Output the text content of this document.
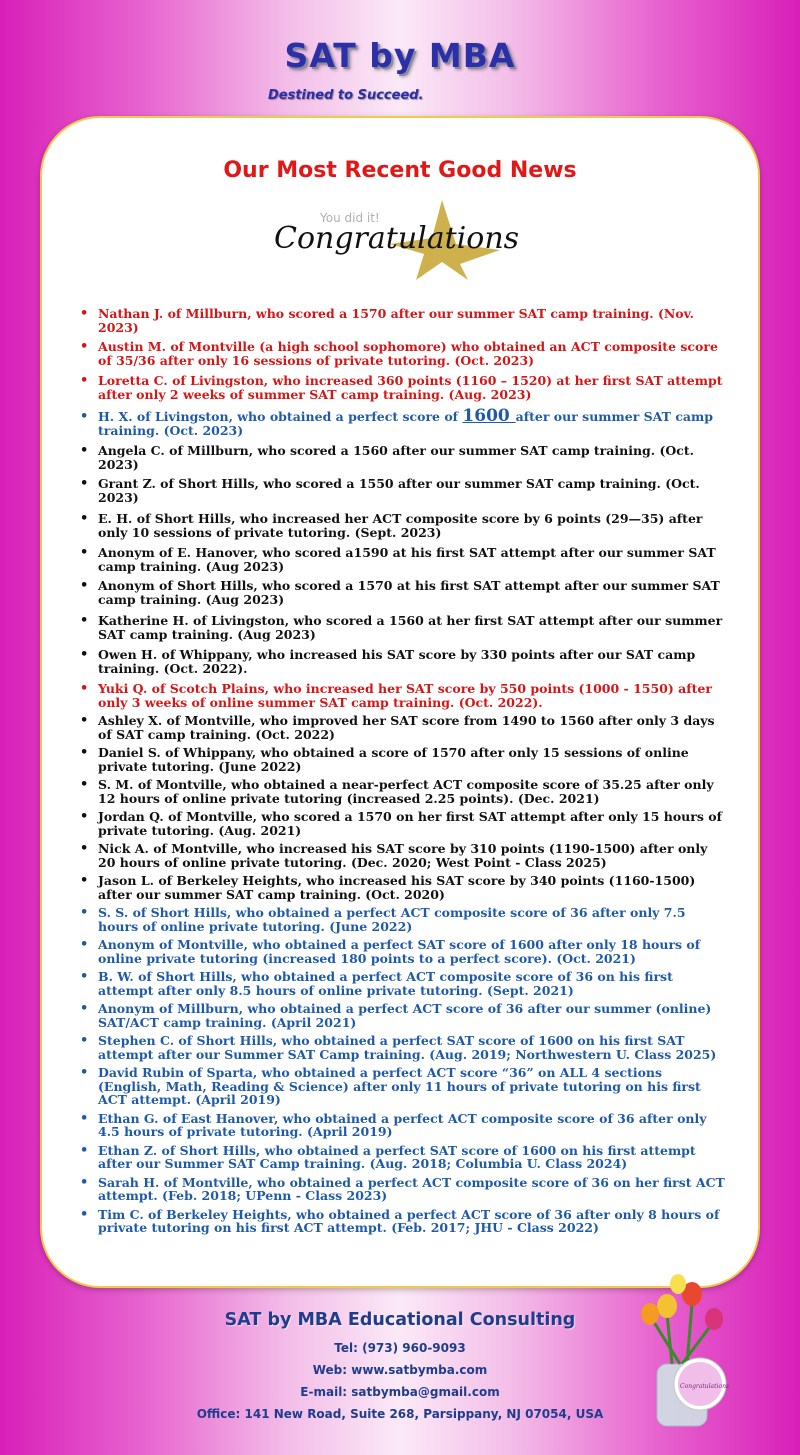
SAT by MBA
Destined to Succeed.
Our Most Recent Good News
You did it!
Congratulations
• Nathan J. of Millburn, who scored a 1570 after our summer SAT camp training. (Nov. 2023)
• Austin M. of Montville (a high school sophomore) who obtained an ACT composite score of 35/36 after only 16 sessions of private tutoring. (Oct. 2023)
• Loretta C. of Livingston, who increased 360 points (1160 – 1520) at her first SAT attempt after only 2 weeks of summer SAT camp training. (Aug. 2023)
• H. X. of Livingston, who obtained a perfect score of 1600 after our summer SAT camp training. (Oct. 2023)
• Angela C. of Millburn, who scored a 1560 after our summer SAT camp training. (Oct. 2023)
• Grant Z. of Short Hills, who scored a 1550 after our summer SAT camp training. (Oct. 2023)
• E. H. of Short Hills, who increased her ACT composite score by 6 points (29—35) after only 10 sessions of private tutoring. (Sept. 2023)
• Anonym of E. Hanover, who scored a1590 at his first SAT attempt after our summer SAT camp training. (Aug 2023)
• Anonym of Short Hills, who scored a 1570 at his first SAT attempt after our summer SAT camp training. (Aug 2023)
• Katherine H. of Livingston, who scored a 1560 at her first SAT attempt after our summer SAT camp training. (Aug 2023)
• Owen H. of Whippany, who increased his SAT score by 330 points after our SAT camp training. (Oct. 2022).
• Yuki Q. of Scotch Plains, who increased her SAT score by 550 points (1000 - 1550) after only 3 weeks of online summer SAT camp training. (Oct. 2022).
• Ashley X. of Montville, who improved her SAT score from 1490 to 1560 after only 3 days of SAT camp training. (Oct. 2022)
• Daniel S. of Whippany, who obtained a score of 1570 after only 15 sessions of online private tutoring. (June 2022)
• S. M. of Montville, who obtained a near-perfect ACT composite score of 35.25 after only 12 hours of online private tutoring (increased 2.25 points). (Dec. 2021)
• Jordan Q. of Montville, who scored a 1570 on her first SAT attempt after only 15 hours of private tutoring. (Aug. 2021)
• Nick A. of Montville, who increased his SAT score by 310 points (1190-1500) after only 20 hours of online private tutoring. (Dec. 2020; West Point - Class 2025)
• Jason L. of Berkeley Heights, who increased his SAT score by 340 points (1160-1500) after our summer SAT camp training. (Oct. 2020)
• S. S. of Short Hills, who obtained a perfect ACT composite score of 36 after only 7.5 hours of online private tutoring. (June 2022)
• Anonym of Montville, who obtained a perfect SAT score of 1600 after only 18 hours of online private tutoring (increased 180 points to a perfect score). (Oct. 2021)
• B. W. of Short Hills, who obtained a perfect ACT composite score of 36 on his first attempt after only 8.5 hours of online private tutoring. (Sept. 2021)
• Anonym of Millburn, who obtained a perfect ACT score of 36 after our summer (online) SAT/ACT camp training. (April 2021)
• Stephen C. of Short Hills, who obtained a perfect SAT score of 1600 on his first SAT attempt after our Summer SAT Camp training. (Aug. 2019; Northwestern U. Class 2025)
• David Rubin of Sparta, who obtained a perfect ACT score “36” on ALL 4 sections (English, Math, Reading & Science) after only 11 hours of private tutoring on his first ACT attempt. (April 2019)
• Ethan G. of East Hanover, who obtained a perfect ACT composite score of 36 after only 4.5 hours of private tutoring. (April 2019)
• Ethan Z. of Short Hills, who obtained a perfect SAT score of 1600 on his first attempt after our Summer SAT Camp training. (Aug. 2018; Columbia U. Class 2024)
• Sarah H. of Montville, who obtained a perfect ACT composite score of 36 on her first ACT attempt. (Feb. 2018; UPenn - Class 2023)
• Tim C. of Berkeley Heights, who obtained a perfect ACT score of 36 after only 8 hours of private tutoring on his first ACT attempt. (Feb. 2017; JHU - Class 2022)
SAT by MBA Educational Consulting
Tel: (973) 960-9093
Web: www.satbymba.com
E-mail: satbymba@gmail.com
Office: 141 New Road, Suite 268, Parsippany, NJ 07054, USA
Congratulations
